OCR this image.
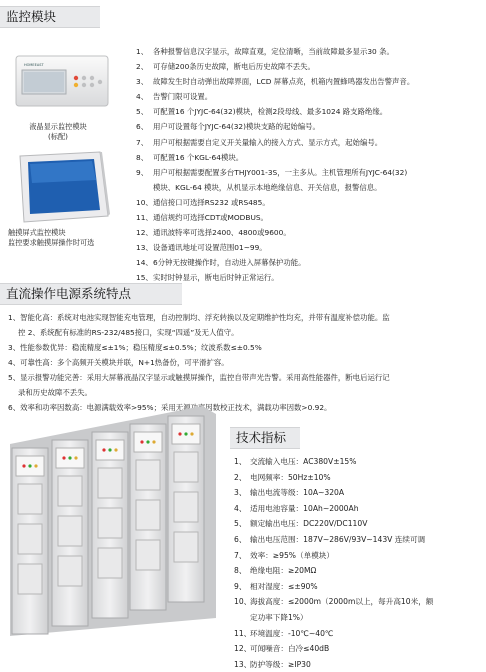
监控模块
HOMEEAST
液晶显示监控模块
(标配)
触摸屏式监控模块
监控要求触摸屏操作时可选
1、 各种报警信息汉字显示，故障直观，定位清晰，当前故障最多显示30 条。
2、 可存储200条历史故障，断电后历史故障不丢失。
3、 故障发生时自动弹出故障界面，LCD 屏幕点亮，机箱内置蜂鸣器发出告警声音。
4、 告警门限可设置。
5、 可配置16 个JYJC-64(32)模块，检测2段母线、最多1024 路支路绝缘。
6、 用户可设置每个JYJC-64(32)模块支路的起始编号。
7、 用户可根据需要自定义开关量输入的接入方式、显示方式，起始编号。
8、 可配置16 个KGL-64模块。
9、 用户可根据需要配置多台THJY001-3S，一主多从。主机管理所有JYJC-64(32)
模块、KGL-64 模块，从机显示本地绝缘信息、开关信息，报警信息。
10、通信接口可选择RS232 或RS485。
11、通信规约可选择CDT或MODBUS。
12、通讯波特率可选择2400、4800或9600。
13、设备通讯地址可设置范围01~99。
14、6分钟无按键操作时，自动进入屏幕保护功能。
15、实时时钟显示，断电后时钟正常运行。
直流操作电源系统特点

1、智能化高：系统对电池实现智能充电管理，自动控制均、浮充转换以及定期维护性均充，并带有温度补偿功能。监

控 2、系统配有标准的RS-232/485接口，实现“四遥”及无人值守。

3、性能参数优异：稳流精度≤±1%；稳压精度≤±0.5%；纹波系数≤±0.5%

4、可靠性高：多个高频开关模块并联，N+1热备份，可平滑扩容。

5、显示报警功能完善：采用大屏幕液晶汉字显示或触摸屏操作，监控自带声光告警。采用高性能器件，断电后运行记

录和历史故障不丢失。

6、效率和功率因数高：电源满载效率>95%；采用无源功率因数校正技术，满载功率因数>0.92。

技术指标
1、 交流输入电压：AC380V±15%
2、 电网频率：50Hz±10%
3、 输出电流等级：10A~320A
4、 适用电池容量：10Ah~2000Ah
5、 额定输出电压：DC220V/DC110V
6、 输出电压范围：187V~286V/93V~143V 连续可调
7、 效率：≥95%（单模块）
8、 绝缘电阻：≥20MΩ
9、 相对湿度：≤±90%
10、海拔高度：≤2000m（2000m以上，每升高10米，额
定功率下降1%）
11、环境温度：-10℃~40℃
12、可闻噪音：白冷≤40dB
13、防护等级：≥IP30
